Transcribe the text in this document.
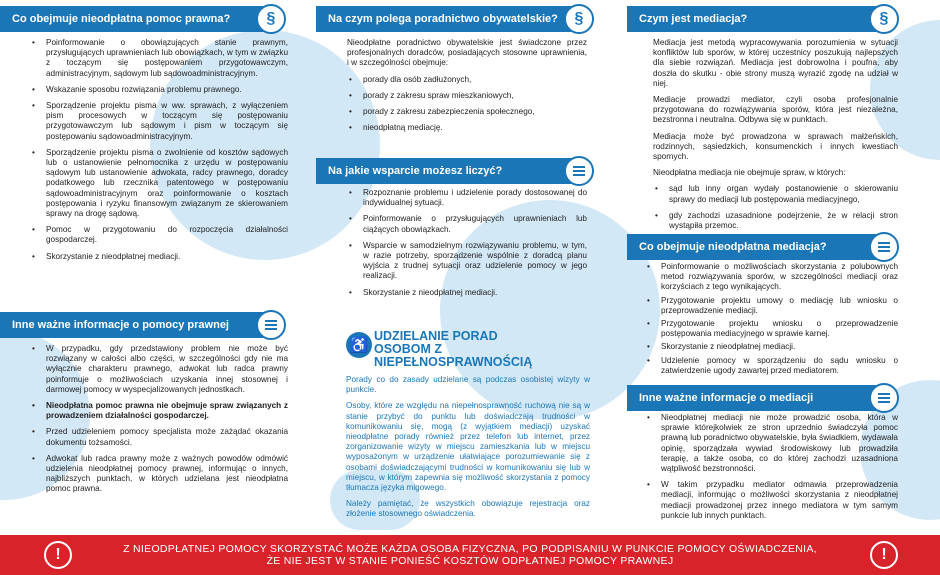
Co obejmuje nieodpłatna pomoc prawna?	§
• Poinformowanie o obowiązujących stanie prawnym, przysługujących uprawnieniach lub obowiązkach, w tym w związku z toczącym się postępowaniem przygotowawczym, administracyjnym, sądowym lub sądowoadministracyjnym.
• Wskazanie sposobu rozwiązania problemu prawnego.
• Sporządzenie projektu pisma w ww. sprawach, z wyłączeniem pism procesowych w toczącym się postępowaniu przygotowawczym lub sądowym i pism w toczącym się postępowaniu sądowoadministracyjnym.
• Sporządzenie projektu pisma o zwolnienie od kosztów sądowych lub o ustanowienie pełnomocnika z urzędu w postępowaniu sądowym lub ustanowienie adwokata, radcy prawnego, doradcy podatkowego lub rzecznika patentowego w postępowaniu sądowoadministracyjnym oraz poinformowanie o kosztach postępowania i ryzyku finansowym związanym ze skierowaniem sprawy na drogę sądową.
• Pomoc w przygotowaniu do rozpoczęcia działalności gospodarczej.
• Skorzystanie z nieodpłatnej mediacji.
Inne ważne informacje o pomocy prawnej
• W przypadku, gdy przedstawiony problem nie może być rozwiązany w całości albo części, w szczególności gdy nie ma wyłącznie charakteru prawnego, adwokat lub radca prawny poinformuje o możliwościach uzyskania innej stosownej i darmowej pomocy w wyspecjalizowanych jednostkach.
• Nieodpłatna pomoc prawna nie obejmuje spraw związanych z prowadzeniem działalności gospodarczej.
• Przed udzieleniem pomocy specjalista może zażądać okazania dokumentu tożsamości.
• Adwokat lub radca prawny może z ważnych powodów odmówić udzielenia nieodpłatnej pomocy prawnej, informując o innych, najbliższych punktach, w których udzielana jest nieodpłatna pomoc prawna.
Na czym polega poradnictwo obywatelskie?	§

Nieodpłatne poradnictwo obywatelskie jest świadczone przez profesjonalnych doradców, posiadających stosowne uprawnienia, i w szczególności obejmuje:

• porady dla osób zadłużonych,
• porady z zakresu spraw mieszkaniowych,
• porady z zakresu zabezpieczenia społecznego,
• nieodpłatną mediację.
Na jakie wsparcie możesz liczyć?
• Rozpoznanie problemu i udzielenie porady dostosowanej do indywidualnej sytuacji.
• Poinformowanie o przysługujących uprawnieniach lub ciążących obowiązkach.
• Wsparcie w samodzielnym rozwiązywaniu problemu, w tym, w razie potrzeby, sporządzenie wspólnie z doradcą planu wyjścia z trudnej sytuacji oraz udzielenie pomocy w jego realizacji.
• Skorzystanie z nieodpłatnej mediacji.
♿
UDZIELANIE PORAD
OSOBOM Z NIEPEŁNOSPRAWNOŚCIĄ

Porady co do zasady udzielane są podczas osobistej wizyty w punkcie.

Osoby, które ze względu na niepełnosprawność ruchową nie są w stanie przybyć do punktu lub doświadczają trudności w komunikowaniu się, mogą (z wyjątkiem mediacji) uzyskać nieodpłatne porady również przez telefon lub internet, przez zorganizowanie wizyty w miejscu zamieszkania lub w miejscu wyposażonym w urządzenie ułatwiające porozumiewanie się z osobami doświadczającymi trudności w komunikowaniu się lub w miejscu, w którym zapewnia się możliwość skorzystania z pomocy tłumacza języka migowego.

Należy pamiętać, że wszystkich obowiązuje rejestracja oraz złożenie stosownego oświadczenia.

Czym jest mediacja?	§

Mediacja jest metodą wypracowywania porozumienia w sytuacji konfliktów lub sporów, w której uczestnicy poszukują najlepszych dla siebie rozwiązań. Mediacja jest dobrowolna i poufna, aby doszła do skutku - obie strony muszą wyrazić zgodę na udział w niej.

Mediacje prowadzi mediator, czyli osoba profesjonalnie przygotowana do rozwiązywania sporów, która jest niezależna, bezstronna i neutralna. Odbywa się w punktach.

Mediacja może być prowadzona w sprawach małżeńskich, rodzinnych, sąsiedzkich, konsumenckich i innych kwestiach spornych.

Nieodpłatna mediacja nie obejmuje spraw, w których:

• sąd lub inny organ wydały postanowienie o skierowaniu sprawy do mediacji lub postępowania mediacyjnego,
• gdy zachodzi uzasadnione podejrzenie, że w relacji stron wystąpiła przemoc.
Co obejmuje nieodpłatna mediacja?
• Poinformowanie o możliwościach skorzystania z polubownych metod rozwiązywania sporów, w szczególności mediacji oraz korzyściach z tego wynikających.
• Przygotowanie projektu umowy o mediację lub wniosku o przeprowadzenie mediacji.
• Przygotowanie projektu wniosku o przeprowadzenie postępowania mediacyjnego w sprawie karnej.
• Skorzystanie z nieodpłatnej mediacji.
• Udzielenie pomocy w sporządzeniu do sądu wniosku o zatwierdzenie ugody zawartej przed mediatorem.
Inne ważne informacje o mediacji
• Nieodpłatnej mediacji nie może prowadzić osoba, która w sprawie którejkolwiek ze stron uprzednio świadczyła pomoc prawną lub poradnictwo obywatelskie, była świadkiem, wydawała opinię, sporządzała wywiad środowiskowy lub prowadziła terapię, a także osoba, co do której zachodzi uzasadniona wątpliwość bezstronności.
• W takim przypadku mediator odmawia przeprowadzenia mediacji, informując o możliwości skorzystania z nieodpłatnej mediacji prowadzonej przez innego mediatora w tym samym punkcie lub innych punktach.
Z NIEODPŁATNEJ POMOCY SKORZYSTAĆ MOŻE KAŻDA OSOBA FIZYCZNA, PO PODPISANIU W PUNKCIE POMOCY OŚWIADCZENIA,
ŻE NIE JEST W STANIE PONIEŚĆ KOSZTÓW ODPŁATNEJ POMOCY PRAWNEJ
!	!
